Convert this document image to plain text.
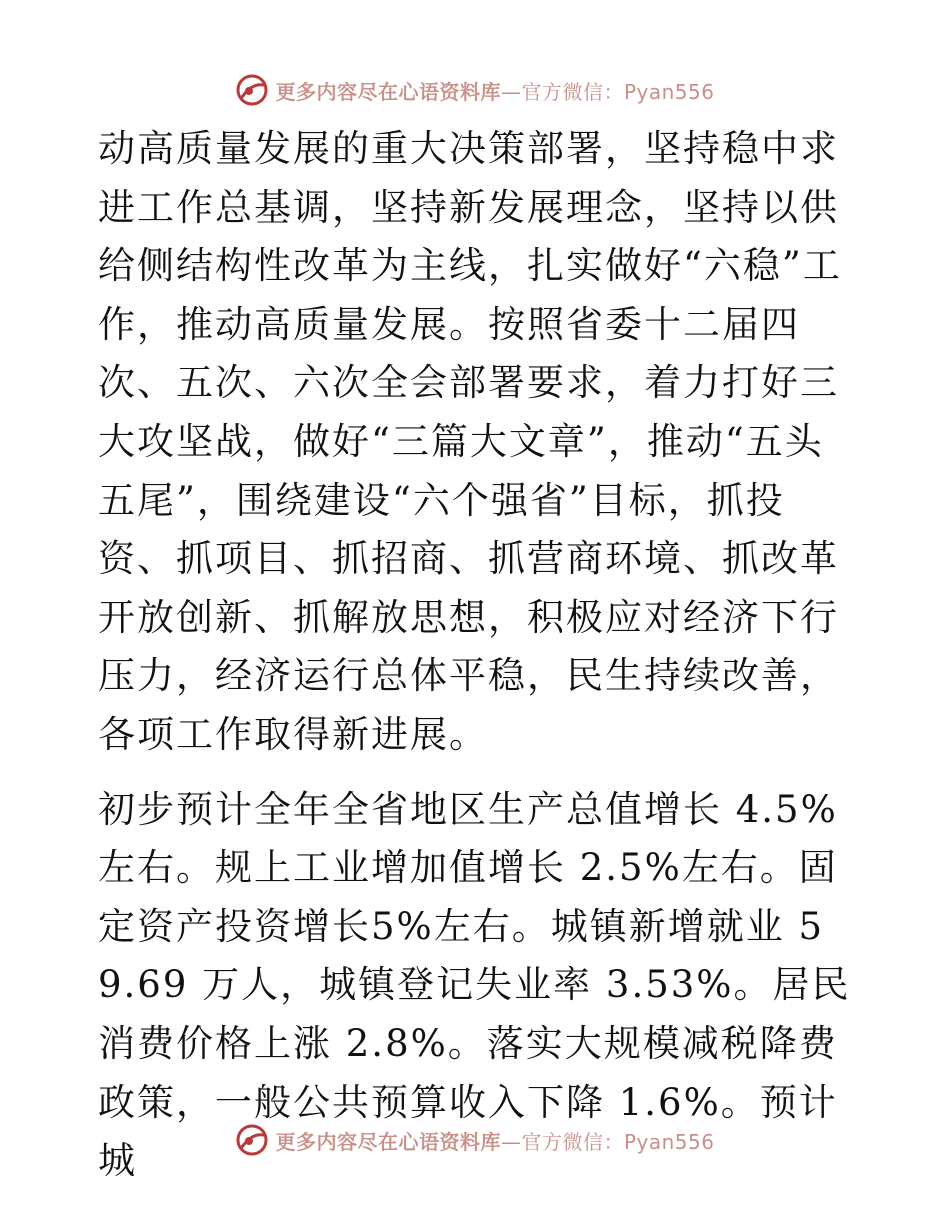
更多内容尽在心语资料库—官方微信：Pyan556

动高质量发展的重大决策部署，坚持稳中求进工作总基调，坚持新发展理念，坚持以供给侧结构性改革为主线，扎实做好“六稳”工作，推动高质量发展。按照省委十二届四次、五次、六次全会部署要求，着力打好三大攻坚战，做好“三篇大文章”，推动“五头五尾”，围绕建设“六个强省”目标，抓投资、抓项目、抓招商、抓营商环境、抓改革开放创新、抓解放思想，积极应对经济下行压力，经济运行总体平稳，民生持续改善，各项工作取得新进展。

初步预计全年全省地区生产总值增长 4.5%左右。规上工业增加值增长 2.5%左右。固定资产投资增长5%左右。城镇新增就业 59.69 万人，城镇登记失业率 3.53%。居民消费价格上涨 2.8%。落实大规模减税降费政策，一般公共预算收入下降 1.6%。预计城	更多内容尽在心语资料库—官方微信：Pyan556
